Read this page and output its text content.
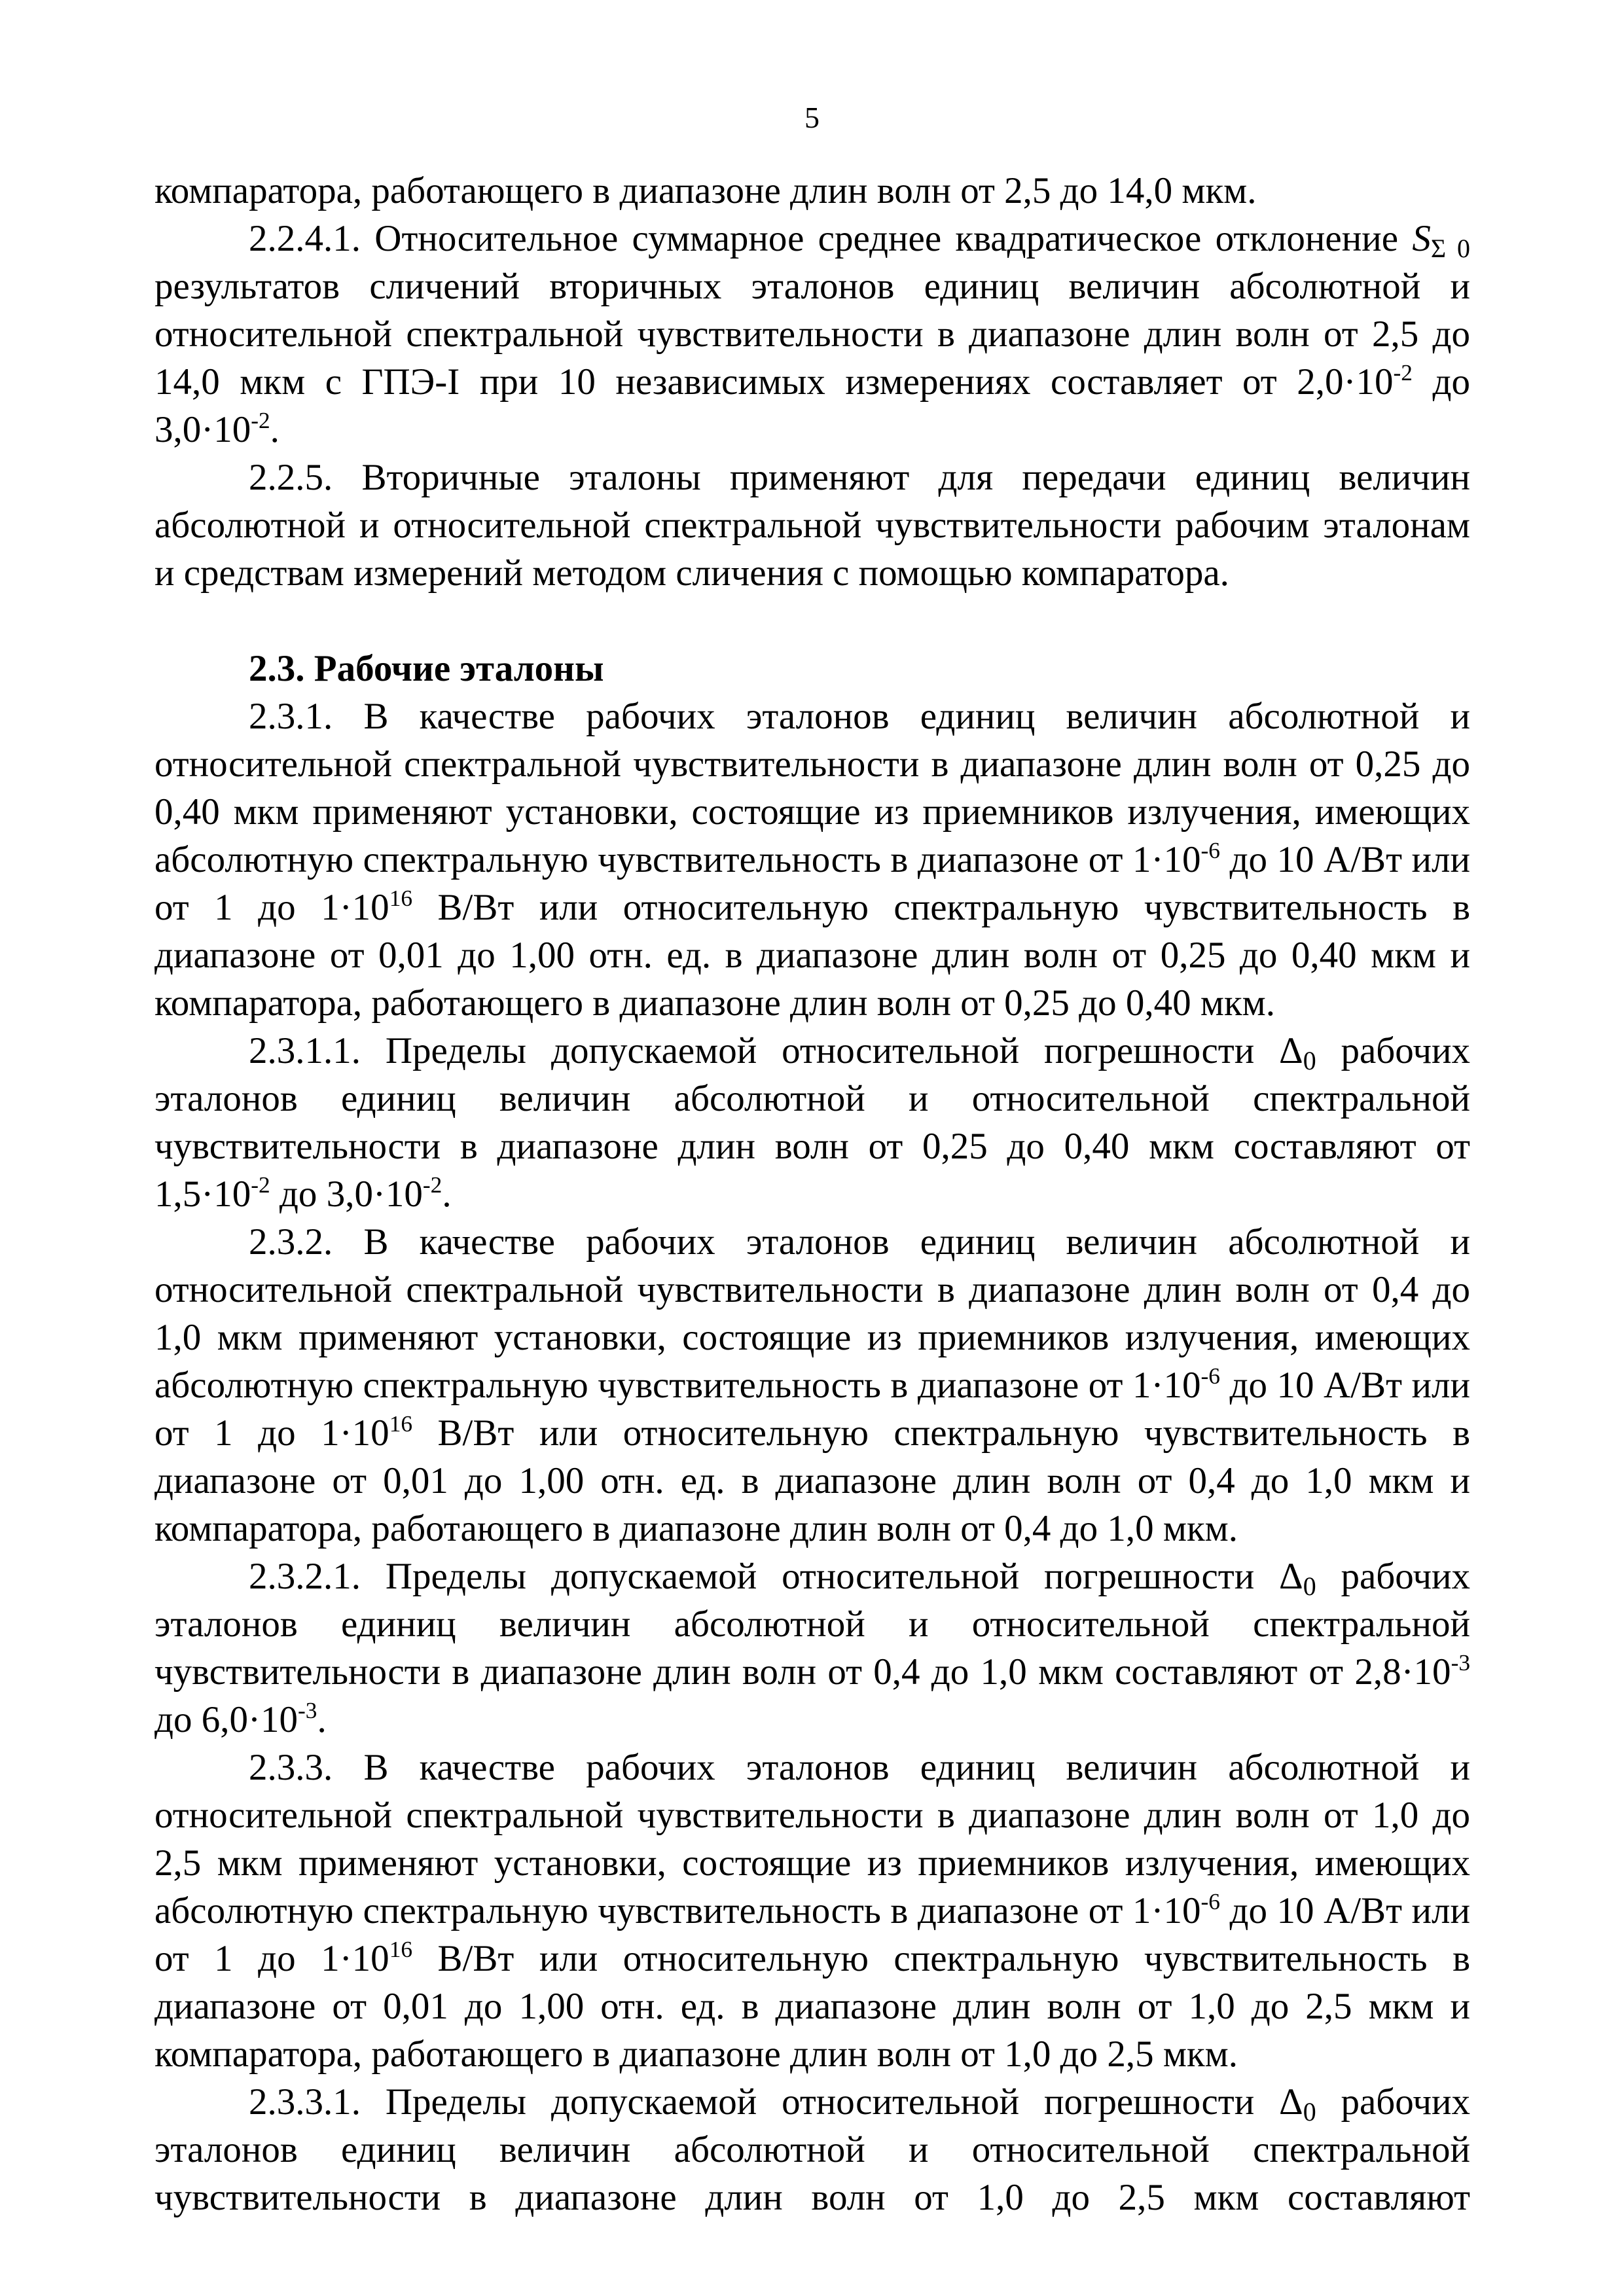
5

компаратора, работающего в диапазоне длин волн от 2,5 до 14,0 мкм.

2.2.4.1. Относительное суммарное среднее квадратическое отклонение $S_{\Sigma 0}$ результатов сличений вторичных эталонов единиц величин абсолютной и относительной спектральной чувствительности в диапазоне длин волн от 2,5 до 14,0 мкм с ГПЭ-I при 10 независимых измерениях составляет от $2,0\cdot 10^{-2}$ до $3,0\cdot 10^{-2}$.

2.2.5. Вторичные эталоны применяют для передачи единиц величин абсолютной и относительной спектральной чувствительности рабочим эталонам и средствам измерений методом сличения с помощью компаратора.

2.3. Рабочие эталоны

2.3.1. В качестве рабочих эталонов единиц величин абсолютной и относительной спектральной чувствительности в диапазоне длин волн от 0,25 до 0,40 мкм применяют установки, состоящие из приемников излучения, имеющих абсолютную спектральную чувствительность в диапазоне от $1\cdot 10^{-6}$ до 10 А/Вт или от 1 до $1\cdot 10^{16}$ В/Вт или относительную спектральную чувствительность в диапазоне от 0,01 до 1,00 отн. ед. в диапазоне длин волн от 0,25 до 0,40 мкм и компаратора, работающего в диапазоне длин волн от 0,25 до 0,40 мкм.

2.3.1.1. Пределы допускаемой относительной погрешности $\Delta_0$ рабочих эталонов единиц величин абсолютной и относительной спектральной чувствительности в диапазоне длин волн от 0,25 до 0,40 мкм составляют от $1,5\cdot 10^{-2}$ до $3,0\cdot 10^{-2}$.

2.3.2. В качестве рабочих эталонов единиц величин абсолютной и относительной спектральной чувствительности в диапазоне длин волн от 0,4 до 1,0 мкм применяют установки, состоящие из приемников излучения, имеющих абсолютную спектральную чувствительность в диапазоне от $1\cdot 10^{-6}$ до 10 А/Вт или от 1 до $1\cdot 10^{16}$ В/Вт или относительную спектральную чувствительность в диапазоне от 0,01 до 1,00 отн. ед. в диапазоне длин волн от 0,4 до 1,0 мкм и компаратора, работающего в диапазоне длин волн от 0,4 до 1,0 мкм.

2.3.2.1. Пределы допускаемой относительной погрешности $\Delta_0$ рабочих эталонов единиц величин абсолютной и относительной спектральной чувствительности в диапазоне длин волн от 0,4 до 1,0 мкм составляют от $2,8\cdot 10^{-3}$ до $6,0\cdot 10^{-3}$.

2.3.3. В качестве рабочих эталонов единиц величин абсолютной и относительной спектральной чувствительности в диапазоне длин волн от 1,0 до 2,5 мкм применяют установки, состоящие из приемников излучения, имеющих абсолютную спектральную чувствительность в диапазоне от $1\cdot 10^{-6}$ до 10 А/Вт или от 1 до $1\cdot 10^{16}$ В/Вт или относительную спектральную чувствительность в диапазоне от 0,01 до 1,00 отн. ед. в диапазоне длин волн от 1,0 до 2,5 мкм и компаратора, работающего в диапазоне длин волн от 1,0 до 2,5 мкм.

2.3.3.1. Пределы допускаемой относительной погрешности $\Delta_0$ рабочих эталонов единиц величин абсолютной и относительной спектральной чувствительности в диапазоне длин волн от 1,0 до 2,5 мкм составляют
